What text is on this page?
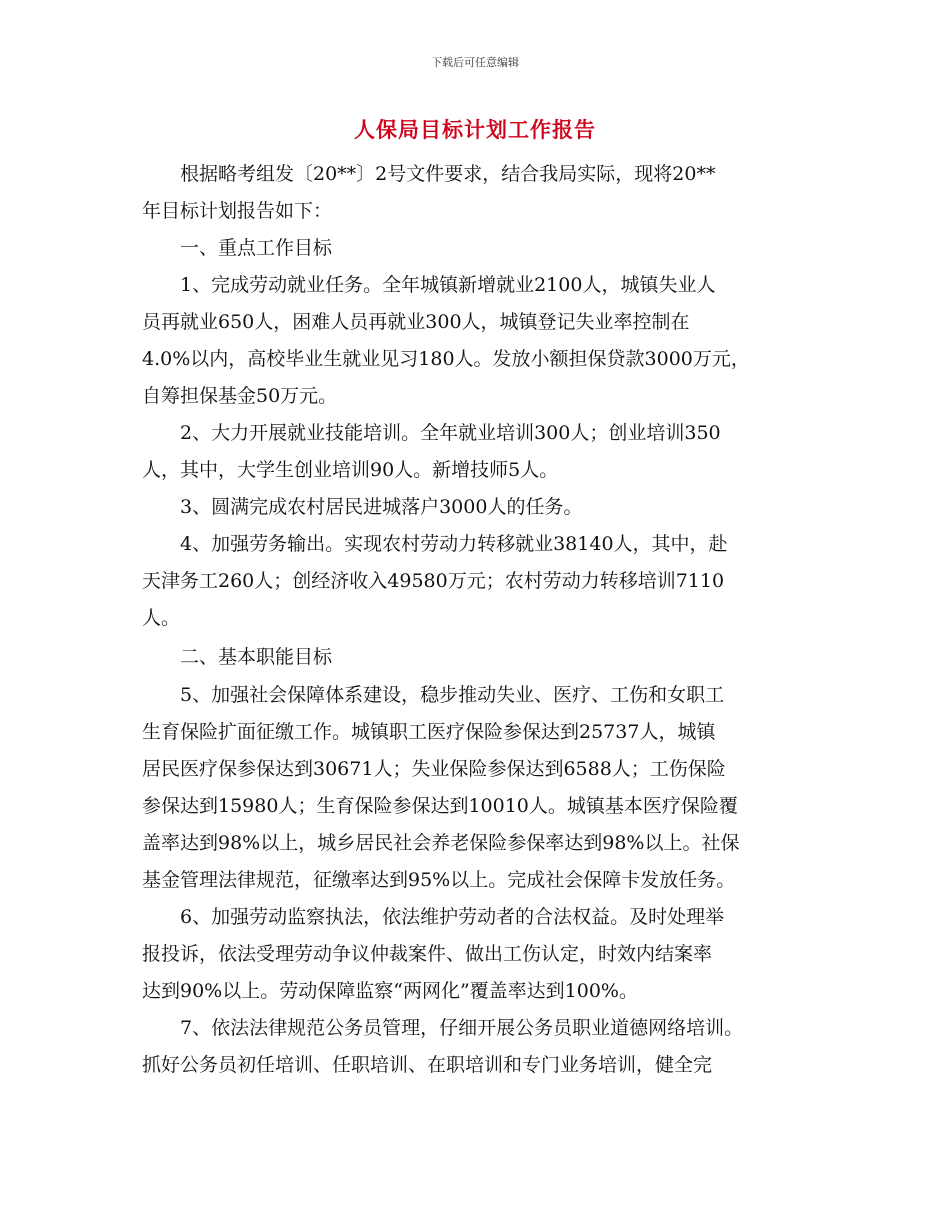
下载后可任意编辑
人保局目标计划工作报告
　　根据略考组发〔20**〕2号文件要求，结合我局实际，现将20**
年目标计划报告如下：
　　一、重点工作目标
　　1、完成劳动就业任务。全年城镇新增就业2100人，城镇失业人
员再就业650人，困难人员再就业300人，城镇登记失业率控制在
4.0%以内，高校毕业生就业见习180人。发放小额担保贷款3000万元，
自筹担保基金50万元。
　　2、大力开展就业技能培训。全年就业培训300人；创业培训350
人，其中，大学生创业培训90人。新增技师5人。
　　3、圆满完成农村居民进城落户3000人的任务。
　　4、加强劳务输出。实现农村劳动力转移就业38140人，其中，赴
天津务工260人；创经济收入49580万元；农村劳动力转移培训7110
人。
　　二、基本职能目标
　　5、加强社会保障体系建设，稳步推动失业、医疗、工伤和女职工
生育保险扩面征缴工作。城镇职工医疗保险参保达到25737人，城镇
居民医疗保参保达到30671人；失业保险参保达到6588人；工伤保险
参保达到15980人；生育保险参保达到10010人。城镇基本医疗保险覆
盖率达到98%以上，城乡居民社会养老保险参保率达到98%以上。社保
基金管理法律规范，征缴率达到95%以上。完成社会保障卡发放任务。
　　6、加强劳动监察执法，依法维护劳动者的合法权益。及时处理举
报投诉，依法受理劳动争议仲裁案件、做出工伤认定，时效内结案率
达到90%以上。劳动保障监察“两网化”覆盖率达到100%。
　　7、依法法律规范公务员管理，仔细开展公务员职业道德网络培训。
抓好公务员初任培训、任职培训、在职培训和专门业务培训，健全完
